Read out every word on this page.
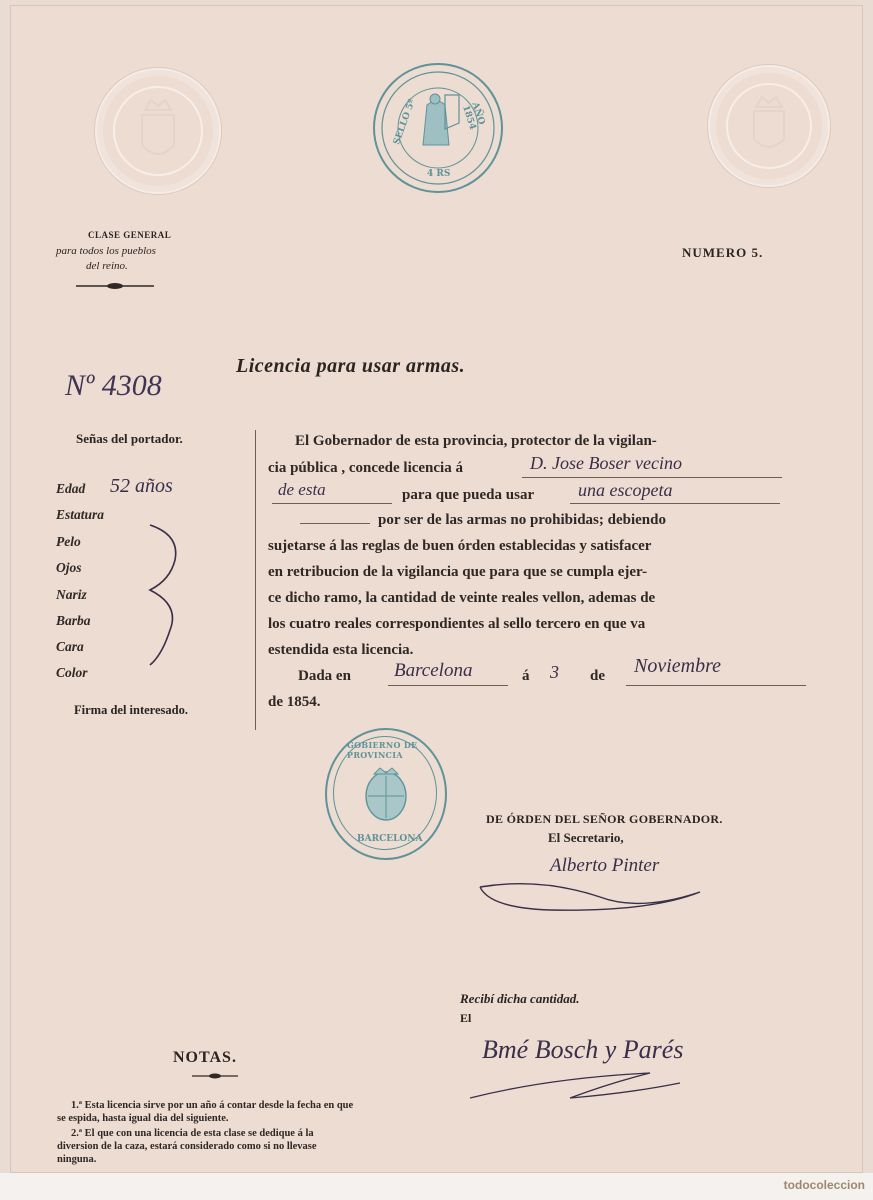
SELLO 5º	AÑO 1854
4 RS
CLASE GENERAL
para todos los pueblos
del reino.
NUMERO 5.
Licencia para usar armas.
Nº 4308
Señas del portador.
Edad 52 años
Estatura
Pelo
Ojos
Nariz
Barba
Cara
Color
Firma del interesado.
El Gobernador de esta provincia, protector de la vigilan-
cia pública , concede licencia á	D. Jose Boser vecino
de esta	para que pueda usar una escopeta
por ser de las armas no prohibidas; debiendo
sujetarse á las reglas de buen órden establecidas y satisfacer
en retribucion de la vigilancia que para que se cumpla ejer-
ce dicho ramo, la cantidad de veinte reales vellon, ademas de
los cuatro reales correspondientes al sello tercero en que va
estendida esta licencia.
Dada en Barcelona	á 3 de Noviembre
de 1854.
GOBIERNO DE PROVINCIA
BARCELONA
DE ÓRDEN DEL SEÑOR GOBERNADOR.
El Secretario,
Alberto Pinter
Recibí dicha cantidad.
El
Bmé Bosch y Parés
NOTAS.
1.ª Esta licencia sirve por un año á contar desde la fecha en que se espida, hasta igual dia del siguiente.
2.ª El que con una licencia de esta clase se dedique á la diversion de la caza, estará considerado como si no llevase ninguna.
todocoleccion
